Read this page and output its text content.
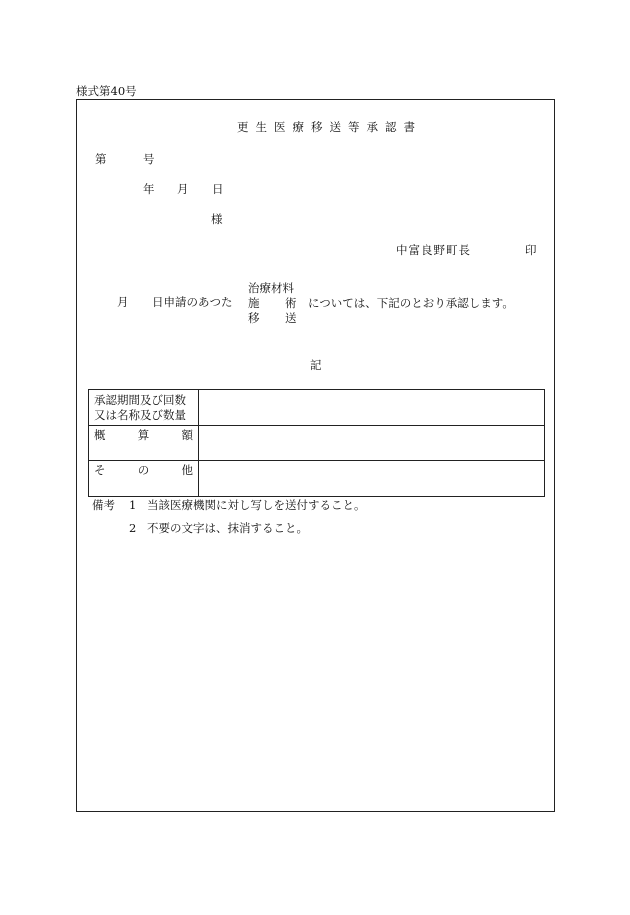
様式第40号
更生医療移送等承認書
第	号
年 月 日
様
中富良野町長	印
月 日申請のあつた
治療材料
施 術
移 送
については、下記のとおり承認します。
記
承認期間及び回数
又は名称及び数量	

概 算 額	

そ の 他	

備考 1 当該医療機関に対し写しを送付すること。
2 不要の文字は、抹消すること。
